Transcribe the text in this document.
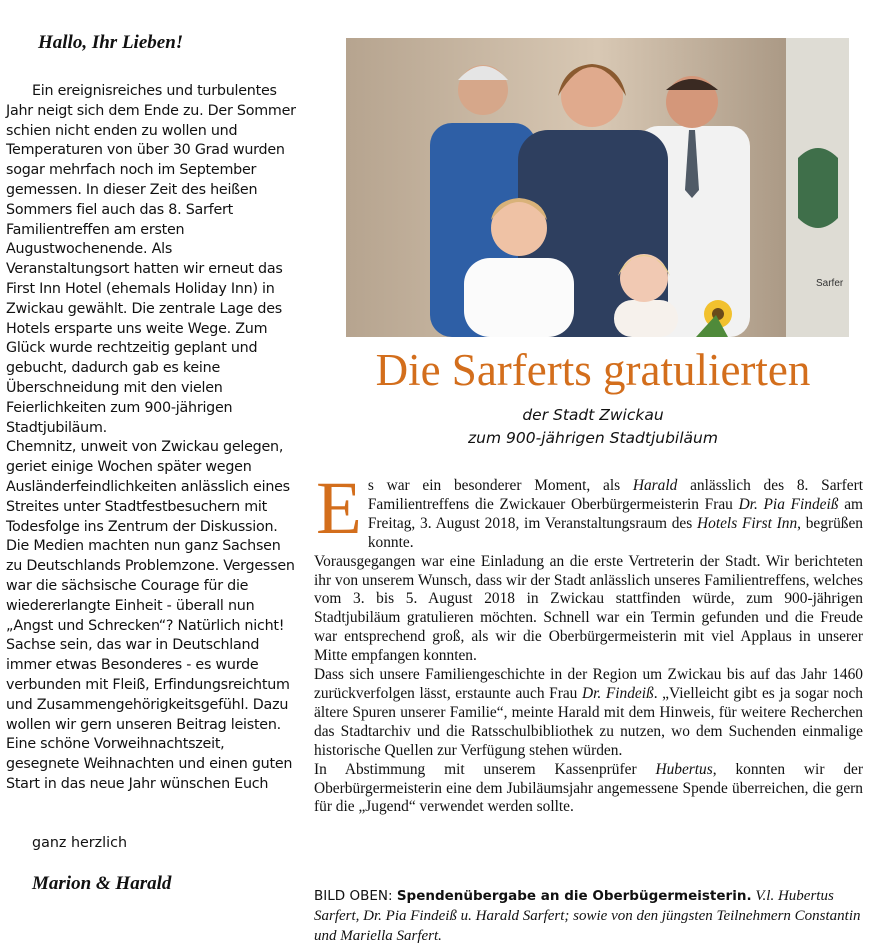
Hallo, Ihr Lieben!

Ein ereignisreiches und turbulentes Jahr neigt sich dem Ende zu. Der Sommer schien nicht enden zu wollen und Temperaturen von über 30 Grad wurden sogar mehrfach noch im September gemessen. In dieser Zeit des heißen Sommers fiel auch das 8. Sarfert Familientreffen am ersten Augustwochenende. Als Veranstaltungsort hatten wir erneut das First Inn Hotel (ehemals Holiday Inn) in Zwickau gewählt. Die zentrale Lage des Hotels ersparte uns weite Wege. Zum Glück wurde rechtzeitig geplant und gebucht, dadurch gab es keine Überschneidung mit den vielen Feierlichkeiten zum 900-jährigen Stadtjubiläum.

Chemnitz, unweit von Zwickau gelegen, geriet einige Wochen später wegen Ausländerfeindlichkeiten anlässlich eines Streites unter Stadtfestbesuchern mit Todesfolge ins Zentrum der Diskussion. Die Medien machten nun ganz Sachsen zu Deutschlands Problemzone. Vergessen war die sächsische Courage für die wiedererlangte Einheit - überall nun „Angst und Schrecken“? Natürlich nicht! Sachse sein, das war in Deutschland immer etwas Besonderes - es wurde verbunden mit Fleiß, Erfindungsreichtum und Zusammengehörigkeitsgefühl. Dazu wollen wir gern unseren Beitrag leisten. Eine schöne Vorweihnachtszeit, gesegnete Weihnachten und einen guten Start in das neue Jahr wünschen Euch

ganz herzlich
Marion & Harald
Sarfer
Die Sarferts gratulierten
der Stadt Zwickau
zum 900-jährigen Stadtjubiläum

Es war ein besonderer Moment, als Harald anlässlich des 8. Sarfert Familientreffens die Zwickauer Oberbürgermeisterin Frau Dr. Pia Findeiß am Freitag, 3. August 2018, im Veranstaltungsraum des Hotels First Inn, begrüßen konnte.

Vorausgegangen war eine Einladung an die erste Vertreterin der Stadt. Wir berichteten ihr von unserem Wunsch, dass wir der Stadt anlässlich unseres Familientreffens, welches vom 3. bis 5. August 2018 in Zwickau stattfinden würde, zum 900-jährigen Stadtjubiläum gratulieren möchten. Schnell war ein Termin gefunden und die Freude war entsprechend groß, als wir die Oberbürgermeisterin mit viel Applaus in unserer Mitte empfangen konnten.

Dass sich unsere Familiengeschichte in der Region um Zwickau bis auf das Jahr 1460 zurückverfolgen lässt, erstaunte auch Frau Dr. Findeiß. „Vielleicht gibt es ja sogar noch ältere Spuren unserer Familie“, meinte Harald mit dem Hinweis, für weitere Recherchen das Stadtarchiv und die Ratsschulbibliothek zu nutzen, wo dem Suchenden einmalige historische Quellen zur Verfügung stehen würden.

In Abstimmung mit unserem Kassenprüfer Hubertus, konnten wir der Oberbürgermeisterin eine dem Jubiläumsjahr angemessene Spende überreichen, die gern für die „Jugend“ verwendet werden sollte.

BILD OBEN: Spendenübergabe an die Oberbügermeisterin. V.l. Hubertus Sarfert, Dr. Pia Findeiß u. Harald Sarfert; sowie von den jüngsten Teilnehmern Constantin und Mariella Sarfert.
